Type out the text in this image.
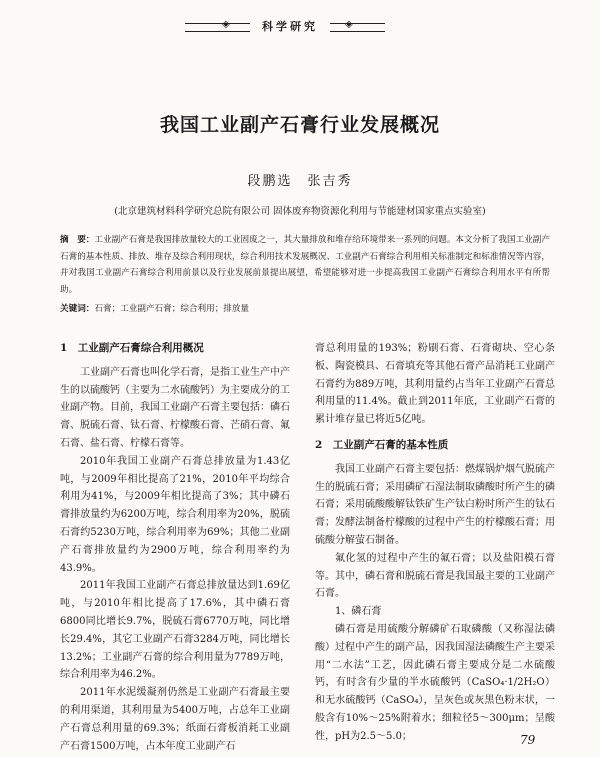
◈	科学研究	◈
我国工业副产石膏行业发展概况
段鹏选　张吉秀
(北京建筑材料科学研究总院有限公司 固体废弃物资源化利用与节能建材国家重点实验室)
摘　要：工业副产石膏是我国排放量较大的工业固废之一，其大量排放和堆存给环境带来一系列的问题。本文分析了我国工业副产石膏的基本性质、排放、堆存及综合利用现状，综合利用技术发展概况、工业副产石膏综合利用相关标准制定和标准情况等内容，并对我国工业副产石膏综合利用前景以及行业发展前景提出展望，希望能够对进一步提高我国工业副产石膏综合利用水平有所帮助。
关键词：石膏；工业副产石膏；综合利用；排放量
1　工业副产石膏综合利用概况

工业副产石膏也叫化学石膏，是指工业生产中产生的以硫酸钙（主要为二水硫酸钙）为主要成分的工业副产物。目前，我国工业副产石膏主要包括：磷石膏、脱硫石膏、钛石膏、柠檬酸石膏、芒硝石膏、氟石膏、盐石膏、柠檬石膏等。

2010年我国工业副产石膏总排放量为1.43亿吨，与2009年相比提高了21%，2010年平均综合利用为41%，与2009年相比提高了3%；其中磷石膏排放量约为6200万吨，综合利用率为20%，脱硫石膏约5230万吨，综合利用率为69%；其他二业副产石膏排放量约为2900万吨，综合利用率约为43.9%。

2011年我国工业副产石膏总排放量达到1.69亿吨，与2010年相比提高了17.6%，其中磷石膏6800同比增长9.7%，脱硫石膏6770万吨，同比增长29.4%，其它工业副产石膏3284万吨，同比增长13.2%；工业副产石膏的综合利用量为7789万吨，综合利用率为46.2%。

2011年水泥缓凝剂仍然是工业副产石膏最主要的利用渠道，其利用量为5400万吨，占总年工业副产石膏总利用量的69.3%；纸面石膏板消耗工业副产石膏1500万吨，占本年度工业副产石

膏总利用量的193%；粉刷石膏、石膏砌块、空心条板、陶瓷模具、石膏填充等其他石膏产品消耗工业副产石膏约为889万吨，其利用量约占当年工业副产石膏总利用量的11.4%。截止到2011年底，工业副产石膏的累计堆存量已将近5亿吨。

2　工业副产石膏的基本性质

我国工业副产石膏主要包括：燃煤锅炉烟气脱硫产生的脱硫石膏；采用磷矿石湿法制取磷酸时所产生的磷石膏；采用硫酸酸解钛铁矿生产钛白粉时所产生的钛石膏；发酵法制备柠檬酸的过程中产生的柠檬酸石膏；用硫酸分解萤石制备。

氟化氢的过程中产生的氟石膏；以及盐阳模石膏等。其中，磷石膏和脱硫石膏是我国最主要的工业副产石膏。

1、磷石膏

磷石膏是用硫酸分解磷矿石取磷酸（又称湿法磷酸）过程中产生的副产品，因我国湿法磷酸生产主要采用“二水法”工艺，因此磷石膏主要成分是二水硫酸钙，有时含有少量的半水硫酸钙（CaSO₄·1/2H₂O）和无水硫酸钙（CaSO₄），呈灰色或灰黑色粉末状，一般含有10%～25%附着水；细粒径5～300μm；呈酸性，pH为2.5～5.0；	79
